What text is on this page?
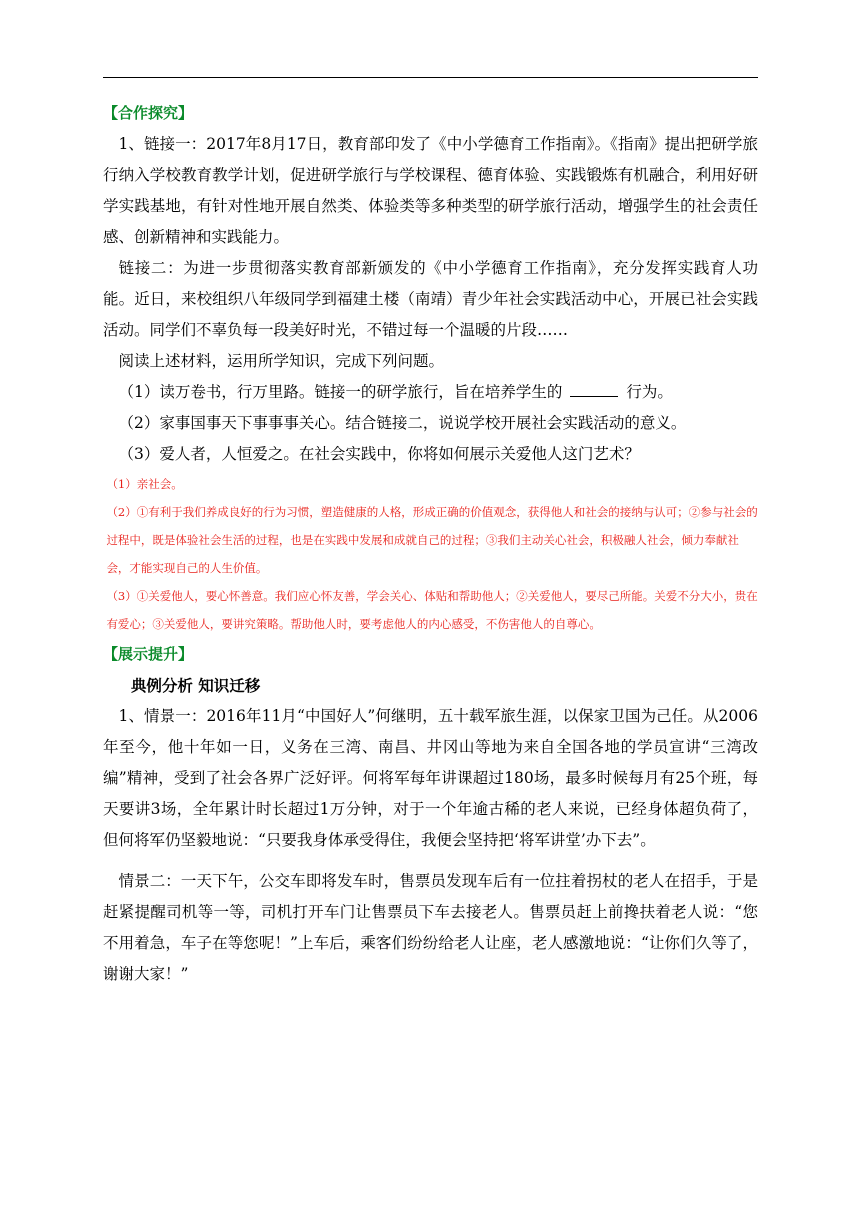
【合作探究】

1、链接一：2017年8月17日，教育部印发了《中小学德育工作指南》。《指南》提出把研学旅行纳入学校教育教学计划，促进研学旅行与学校课程、德育体验、实践锻炼有机融合，利用好研学实践基地，有针对性地开展自然类、体验类等多种类型的研学旅行活动，增强学生的社会责任感、创新精神和实践能力。

链接二：为进一步贯彻落实教育部新颁发的《中小学德育工作指南》，充分发挥实践育人功能。近日，来校组织八年级同学到福建土楼（南靖）青少年社会实践活动中心，开展已社会实践活动。同学们不辜负每一段美好时光，不错过每一个温暖的片段……

阅读上述材料，运用所学知识，完成下列问题。

（1）读万卷书，行万里路。链接一的研学旅行，旨在培养学生的	行为。

（2）家事国事天下事事事关心。结合链接二，说说学校开展社会实践活动的意义。

（3）爱人者，人恒爱之。在社会实践中，你将如何展示关爱他人这门艺术？

（1）亲社会。

（2）①有利于我们养成良好的行为习惯，塑造健康的人格，形成正确的价值观念，获得他人和社会的接纳与认可；②参与社会的过程中，既是体验社会生活的过程，也是在实践中发展和成就自己的过程；③我们主动关心社会，积极融人社会，倾力奉献社会，才能实现自己的人生价值。

（3）①关爱他人，要心怀善意。我们应心怀友善，学会关心、体贴和帮助他人；②关爱他人，要尽己所能。关爱不分大小，贵在有爱心；③关爱他人，要讲究策略。帮助他人时，要考虑他人的内心感受，不伤害他人的自尊心。

【展示提升】

典例分析 知识迁移

1、情景一：2016年11月“中国好人”何继明，五十载军旅生涯，以保家卫国为己任。从2006年至今，他十年如一日，义务在三湾、南昌、井冈山等地为来自全国各地的学员宣讲“三湾改编”精神，受到了社会各界广泛好评。何将军每年讲课超过180场，最多时候每月有25个班，每天要讲3场，全年累计时长超过1万分钟，对于一个年逾古稀的老人来说，已经身体超负荷了，但何将军仍坚毅地说：“只要我身体承受得住，我便会坚持把‘将军讲堂’办下去”。

情景二：一天下午，公交车即将发车时，售票员发现车后有一位拄着拐杖的老人在招手，于是赶紧提醒司机等一等，司机打开车门让售票员下车去接老人。售票员赶上前搀扶着老人说：“您不用着急，车子在等您呢！”上车后，乘客们纷纷给老人让座，老人感激地说：“让你们久等了，谢谢大家！”
